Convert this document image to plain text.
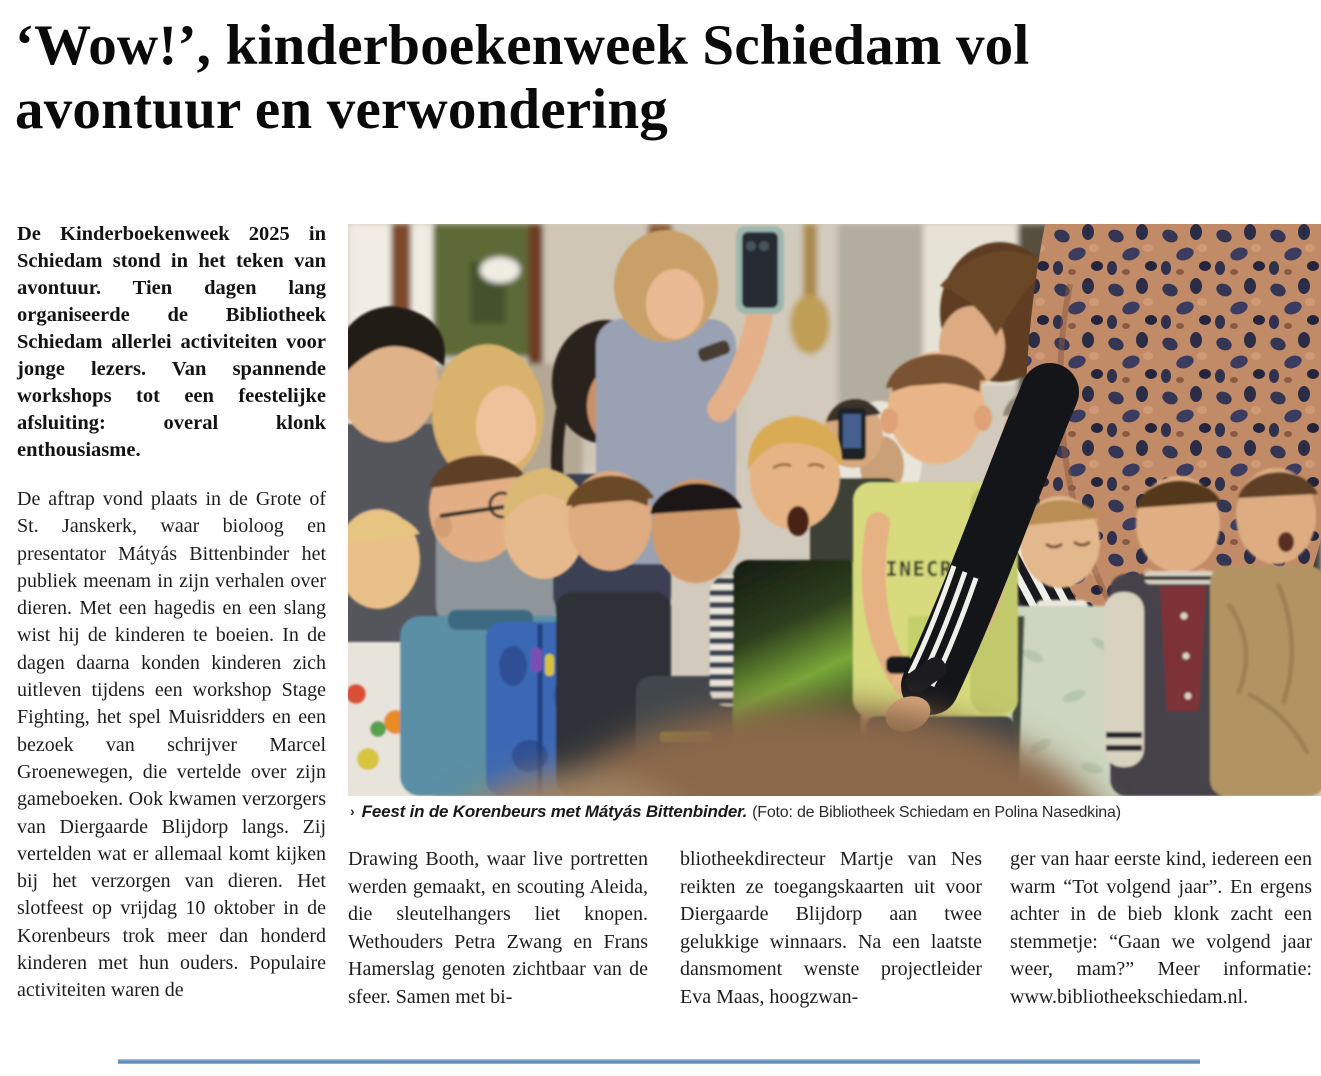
‘Wow!’, kinderboekenweek Schiedam vol
avontuur en verwondering

De Kinderboekenweek 2025 in Schiedam stond in het teken van avontuur. Tien dagen lang organiseerde de Bibliotheek Schiedam allerlei activiteiten voor jonge lezers. Van spannende workshops tot een feestelijke afsluiting: overal klonk enthousiasme.

De aftrap vond plaats in de Grote of St. Janskerk, waar bioloog en presentator Mátyás Bittenbinder het publiek meenam in zijn verhalen over dieren. Met een hagedis en een slang wist hij de kinderen te boeien. In de dagen daarna konden kinderen zich uitleven tijdens een workshop Stage Fighting, het spel Muisridders en een bezoek van schrijver Marcel Groenewegen, die vertelde over zijn gameboeken. Ook kwamen verzorgers van Diergaarde Blijdorp langs. Zij vertelden wat er allemaal komt kijken bij het verzorgen van dieren. Het slotfeest op vrijdag 10 oktober in de Korenbeurs trok meer dan honderd kinderen met hun ouders. Populaire activiteiten waren de

MINECRAFT

› Feest in de Korenbeurs met Mátyás Bittenbinder. (Foto: de Bibliotheek Schiedam en Polina Nasedkina)

Drawing Booth, waar live portretten werden gemaakt, en scouting Aleida, die sleutelhangers liet knopen. Wethouders Petra Zwang en Frans Hamerslag genoten zichtbaar van de sfeer. Samen met bi-

bliotheekdirecteur Martje van Nes reikten ze toegangskaarten uit voor Diergaarde Blijdorp aan twee gelukkige winnaars. Na een laatste dansmoment wenste projectleider Eva Maas, hoogzwan-

ger van haar eerste kind, iedereen een warm “Tot volgend jaar”. En ergens achter in de bieb klonk zacht een stemmetje: “Gaan we volgend jaar weer, mam?” Meer informatie: www.bibliotheekschiedam.nl.
